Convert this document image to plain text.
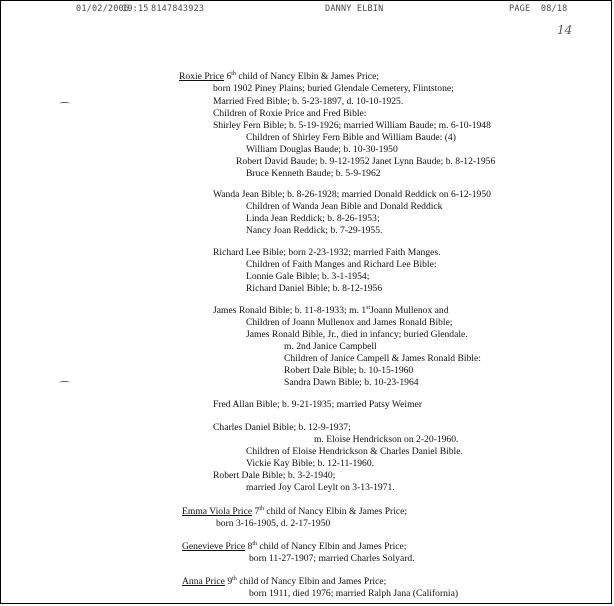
01/02/2006
19:15 8147843923	DANNY ELBIN	PAGE  08/18
14
Roxie Price 6th child of Nancy Elbin & James Price;
born 1902 Piney Plains; buried Glendale Cemetery, Flintstone;
Married Fred Bible; b. 5-23-1897, d. 10-10-1925.
Children of Roxie Price and Fred Bible:
Shirley Fern Bible; b. 5-19-1926; married William Baude; m. 6-10-1948
Children of Shirley Fern Bible and William Baude: (4)
William Douglas Baude; b. 10-30-1950
Robert David Baude; b. 9-12-1952 Janet Lynn Baude; b. 8-12-1956
Bruce Kenneth Baude; b. 5-9-1962
Wanda Jean Bible; b. 8-26-1928; married Donald Reddick on 6-12-1950
Children of Wanda Jean Bible and Donald Reddick
Linda Jean Reddick; b. 8-26-1953;
Nancy Joan Reddick; b. 7-29-1955.
Richard Lee Bible; born 2-23-1932; married Faith Manges.
Children of Faith Manges and Richard Lee Bible:
Lonnie Gale Bible; b. 3-1-1954;
Richard Daniel Bible; b. 8-12-1956
James Ronald Bible; b. 11-8-1933; m. 1stJoann Mullenox and
Children of Joann Mullenox and James Ronald Bible;
James Ronald Bible, Jr., died in infancy; buried Glendale.
m. 2nd Janice Campbell
Children of Janice Campell & James Ronald Bible:
Robert Dale Bible; b. 10-15-1960
Sandra Dawn Bible; b. 10-23-1964
Fred Allan Bible; b. 9-21-1935; married Patsy Weimer
Charles Daniel Bible; b. 12-9-1937;
m. Eloise Hendrickson on 2-20-1960.
Children of Eloise Hendrickson & Charles Daniel Bible.
Vickie Kay Bible; b. 12-11-1960.
Robert Dale Bible; b. 3-2-1940;
married Joy Carol Leylt on 3-13-1971.
Emma Viola Price 7th child of Nancy Elbin & James Price;
born 3-16-1905, d. 2-17-1950
Genevieve Price 8th child of Nancy Elbin and James Price;
born 11-27-1907; married Charles Solyard.
Anna Price 9th child of Nancy Elbin and James Price;
born 1911, died 1976; married Ralph Jana (California)
